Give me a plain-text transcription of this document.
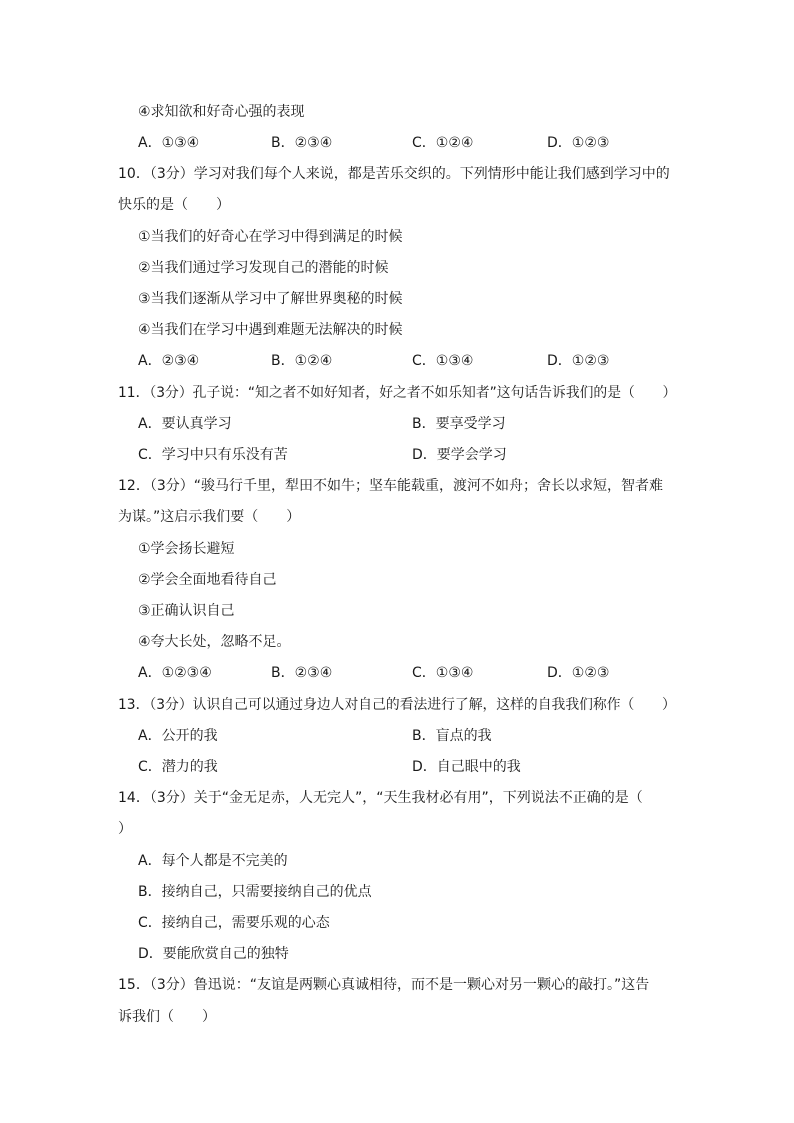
④求知欲和好奇心强的表现
A．①③④	B．②③④	C．①②④	D．①②③
10．（3分）学习对我们每个人来说，都是苦乐交织的。下列情形中能让我们感到学习中的
快乐的是（　　）
①当我们的好奇心在学习中得到满足的时候
②当我们通过学习发现自己的潜能的时候
③当我们逐渐从学习中了解世界奥秘的时候
④当我们在学习中遇到难题无法解决的时候
A．②③④	B．①②④	C．①③④	D．①②③
11．（3分）孔子说：“知之者不如好知者，好之者不如乐知者”这句话告诉我们的是（　　）
A．要认真学习	B．要享受学习
C．学习中只有乐没有苦	D．要学会学习
12．（3分）“骏马行千里，犁田不如牛；坚车能载重，渡河不如舟；舍长以求短，智者难
为谋。”这启示我们要（　　）
①学会扬长避短
②学会全面地看待自己
③正确认识自己
④夸大长处，忽略不足。
A．①②③④	B．②③④	C．①③④	D．①②③
13．（3分）认识自己可以通过身边人对自己的看法进行了解，这样的自我我们称作（　　）
A．公开的我	B．盲点的我
C．潜力的我	D．自己眼中的我
14．（3分）关于“金无足赤，人无完人”，“天生我材必有用”，下列说法不正确的是（
）
A．每个人都是不完美的
B．接纳自己，只需要接纳自己的优点
C．接纳自己，需要乐观的心态
D．要能欣赏自己的独特
15．（3分）鲁迅说：“友谊是两颗心真诚相待，而不是一颗心对另一颗心的敲打。”这告
诉我们（　　）
